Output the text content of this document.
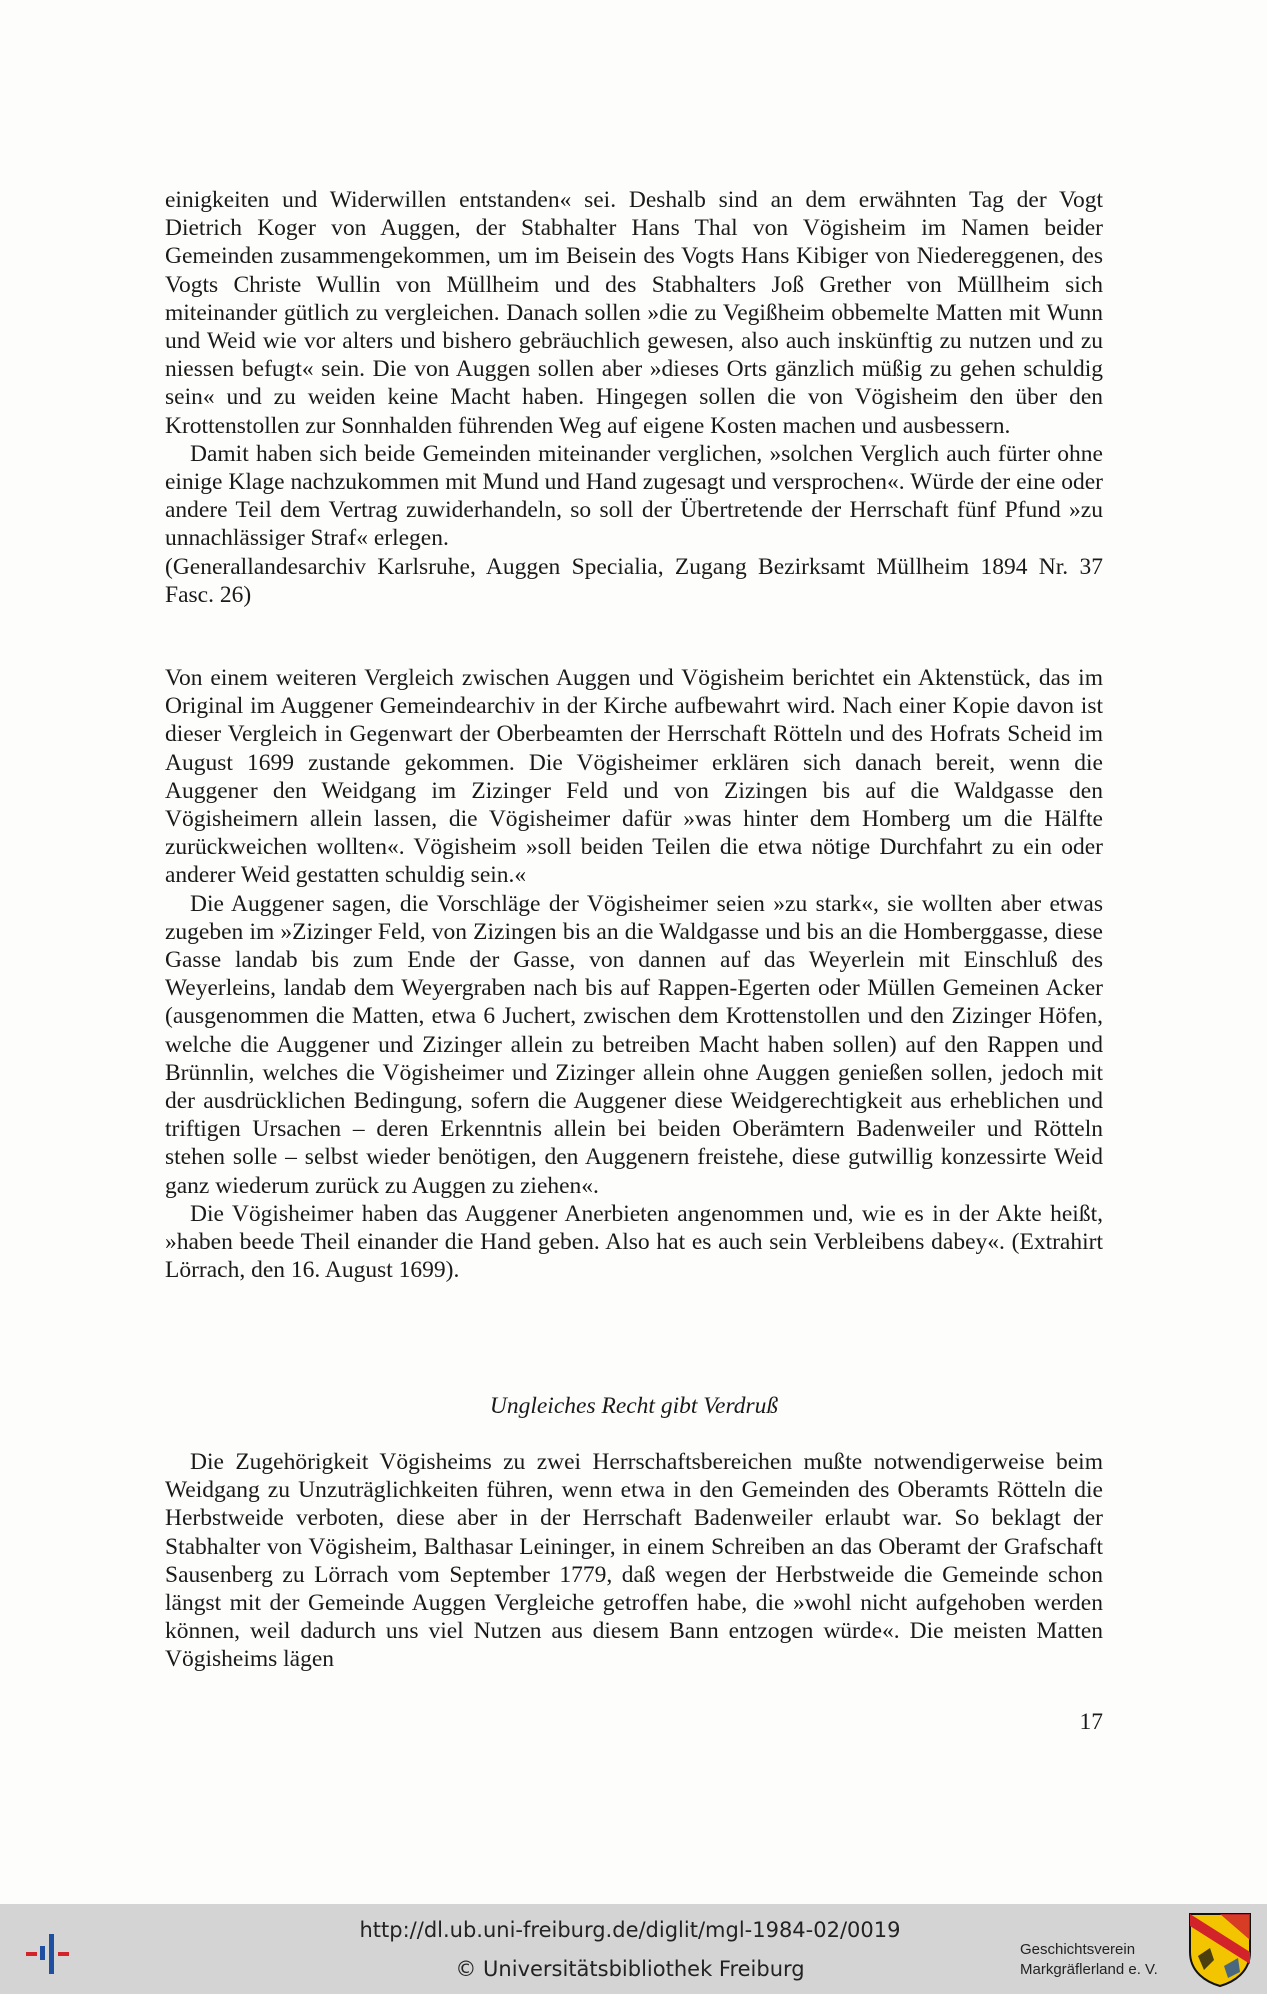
einigkeiten und Widerwillen entstanden« sei. Deshalb sind an dem erwähnten Tag der Vogt Dietrich Koger von Auggen, der Stabhalter Hans Thal von Vögisheim im Namen beider Gemeinden zusammengekommen, um im Beisein des Vogts Hans Kibiger von Niedereggenen, des Vogts Christe Wullin von Müllheim und des Stabhalters Joß Grether von Müllheim sich miteinander gütlich zu vergleichen. Danach sollen »die zu Vegißheim obbemelte Matten mit Wunn und Weid wie vor alters und bishero gebräuchlich gewesen, also auch inskünftig zu nutzen und zu niessen befugt« sein. Die von Auggen sollen aber »dieses Orts gänzlich müßig zu gehen schuldig sein« und zu weiden keine Macht haben. Hingegen sollen die von Vögisheim den über den Krottenstollen zur Sonnhalden führenden Weg auf eigene Kosten machen und ausbessern.

Damit haben sich beide Gemeinden miteinander verglichen, »solchen Verglich auch fürter ohne einige Klage nachzukommen mit Mund und Hand zugesagt und versprochen«. Würde der eine oder andere Teil dem Vertrag zuwiderhandeln, so soll der Übertretende der Herrschaft fünf Pfund »zu unnachlässiger Straf« erlegen.

(Generallandesarchiv Karlsruhe, Auggen Specialia, Zugang Bezirksamt Müllheim 1894 Nr. 37 Fasc. 26)

Von einem weiteren Vergleich zwischen Auggen und Vögisheim berichtet ein Aktenstück, das im Original im Auggener Gemeindearchiv in der Kirche aufbewahrt wird. Nach einer Kopie davon ist dieser Vergleich in Gegenwart der Oberbeamten der Herrschaft Rötteln und des Hofrats Scheid im August 1699 zustande gekommen. Die Vögisheimer erklären sich danach bereit, wenn die Auggener den Weidgang im Zizinger Feld und von Zizingen bis auf die Waldgasse den Vögisheimern allein lassen, die Vögisheimer dafür »was hinter dem Homberg um die Hälfte zurückweichen wollten«. Vögisheim »soll beiden Teilen die etwa nötige Durchfahrt zu ein oder anderer Weid gestatten schuldig sein.«

Die Auggener sagen, die Vorschläge der Vögisheimer seien »zu stark«, sie wollten aber etwas zugeben im »Zizinger Feld, von Zizingen bis an die Waldgasse und bis an die Homberggasse, diese Gasse landab bis zum Ende der Gasse, von dannen auf das Weyerlein mit Einschluß des Weyerleins, landab dem Weyergraben nach bis auf Rappen-Egerten oder Müllen Gemeinen Acker (ausgenommen die Matten, etwa 6 Juchert, zwischen dem Krottenstollen und den Zizinger Höfen, welche die Auggener und Zizinger allein zu betreiben Macht haben sollen) auf den Rappen und Brünnlin, welches die Vögisheimer und Zizinger allein ohne Auggen genießen sollen, jedoch mit der ausdrücklichen Bedingung, sofern die Auggener diese Weidgerechtigkeit aus erheblichen und triftigen Ursachen – deren Erkenntnis allein bei beiden Oberämtern Badenweiler und Rötteln stehen solle – selbst wieder benötigen, den Auggenern freistehe, diese gutwillig konzessirte Weid ganz wiederum zurück zu Auggen zu ziehen«.

Die Vögisheimer haben das Auggener Anerbieten angenommen und, wie es in der Akte heißt, »haben beede Theil einander die Hand geben. Also hat es auch sein Verbleibens dabey«. (Extrahirt Lörrach, den 16. August 1699).

Ungleiches Recht gibt Verdruß

Die Zugehörigkeit Vögisheims zu zwei Herrschaftsbereichen mußte notwendigerweise beim Weidgang zu Unzuträglichkeiten führen, wenn etwa in den Gemeinden des Oberamts Rötteln die Herbstweide verboten, diese aber in der Herrschaft Badenweiler erlaubt war. So beklagt der Stabhalter von Vögisheim, Balthasar Leininger, in einem Schreiben an das Oberamt der Grafschaft Sausenberg zu Lörrach vom September 1779, daß wegen der Herbstweide die Gemeinde schon längst mit der Gemeinde Auggen Vergleiche getroffen habe, die »wohl nicht aufgehoben werden können, weil dadurch uns viel Nutzen aus diesem Bann entzogen würde«. Die meisten Matten Vögisheims lägen

17
http://dl.ub.uni-freiburg.de/diglit/mgl-1984-02/0019
© Universitätsbibliothek Freiburg
Geschichtsverein
Markgräflerland e. V.
